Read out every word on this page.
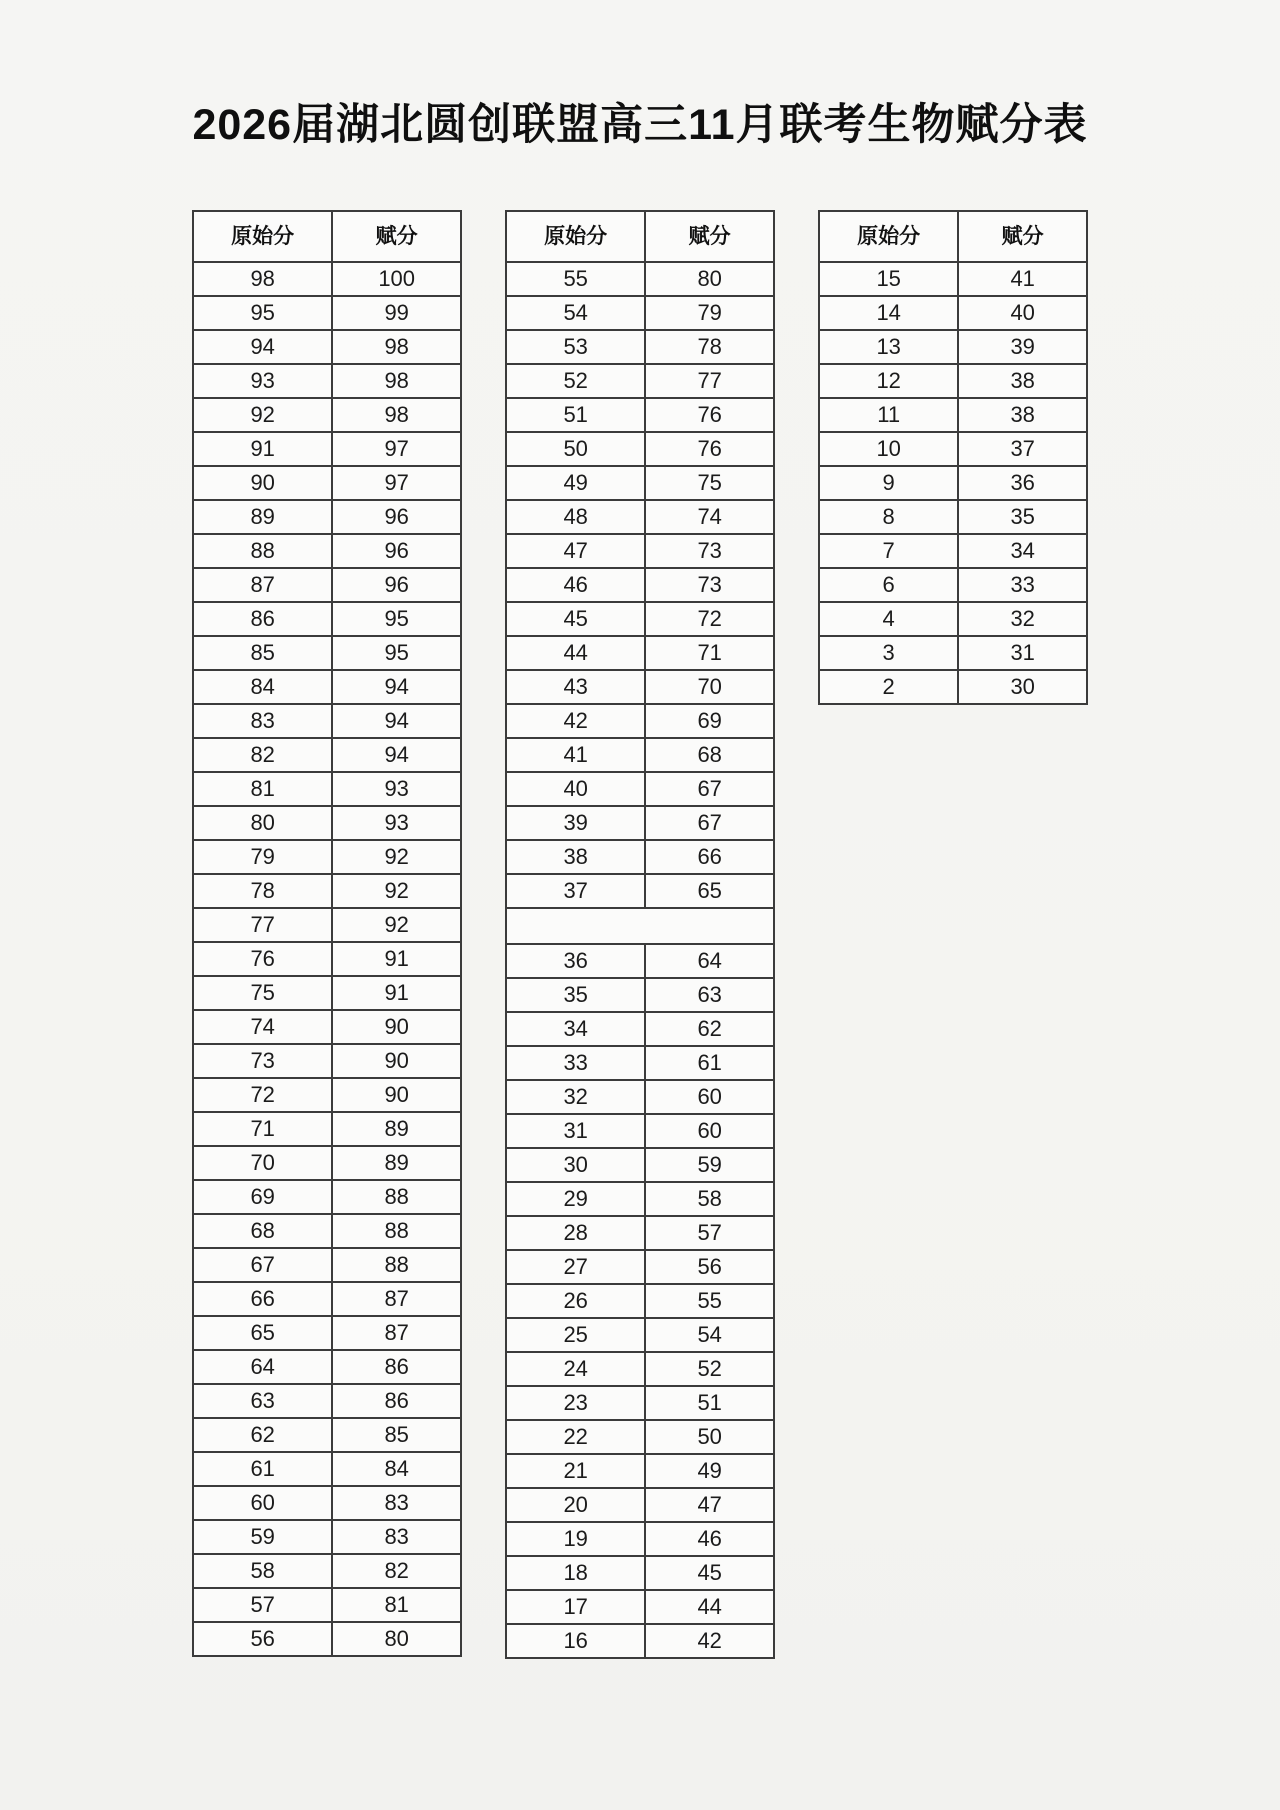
2026届湖北圆创联盟高三11月联考生物赋分表
原始分	赋分
98	100
95	99
94	98
93	98
92	98
91	97
90	97
89	96
88	96
87	96
86	95
85	95
84	94
83	94
82	94
81	93
80	93
79	92
78	92
77	92
76	91
75	91
74	90
73	90
72	90
71	89
70	89
69	88
68	88
67	88
66	87
65	87
64	86
63	86
62	85
61	84
60	83
59	83
58	82
57	81
56	80
原始分	赋分
55	80
54	79
53	78
52	77
51	76
50	76
49	75
48	74
47	73
46	73
45	72
44	71
43	70
42	69
41	68
40	67
39	67
38	66
37	65

36	64
35	63
34	62
33	61
32	60
31	60
30	59
29	58
28	57
27	56
26	55
25	54
24	52
23	51
22	50
21	49
20	47
19	46
18	45
17	44
16	42
原始分	赋分
15	41
14	40
13	39
12	38
11	38
10	37
9	36
8	35
7	34
6	33
4	32
3	31
2	30
